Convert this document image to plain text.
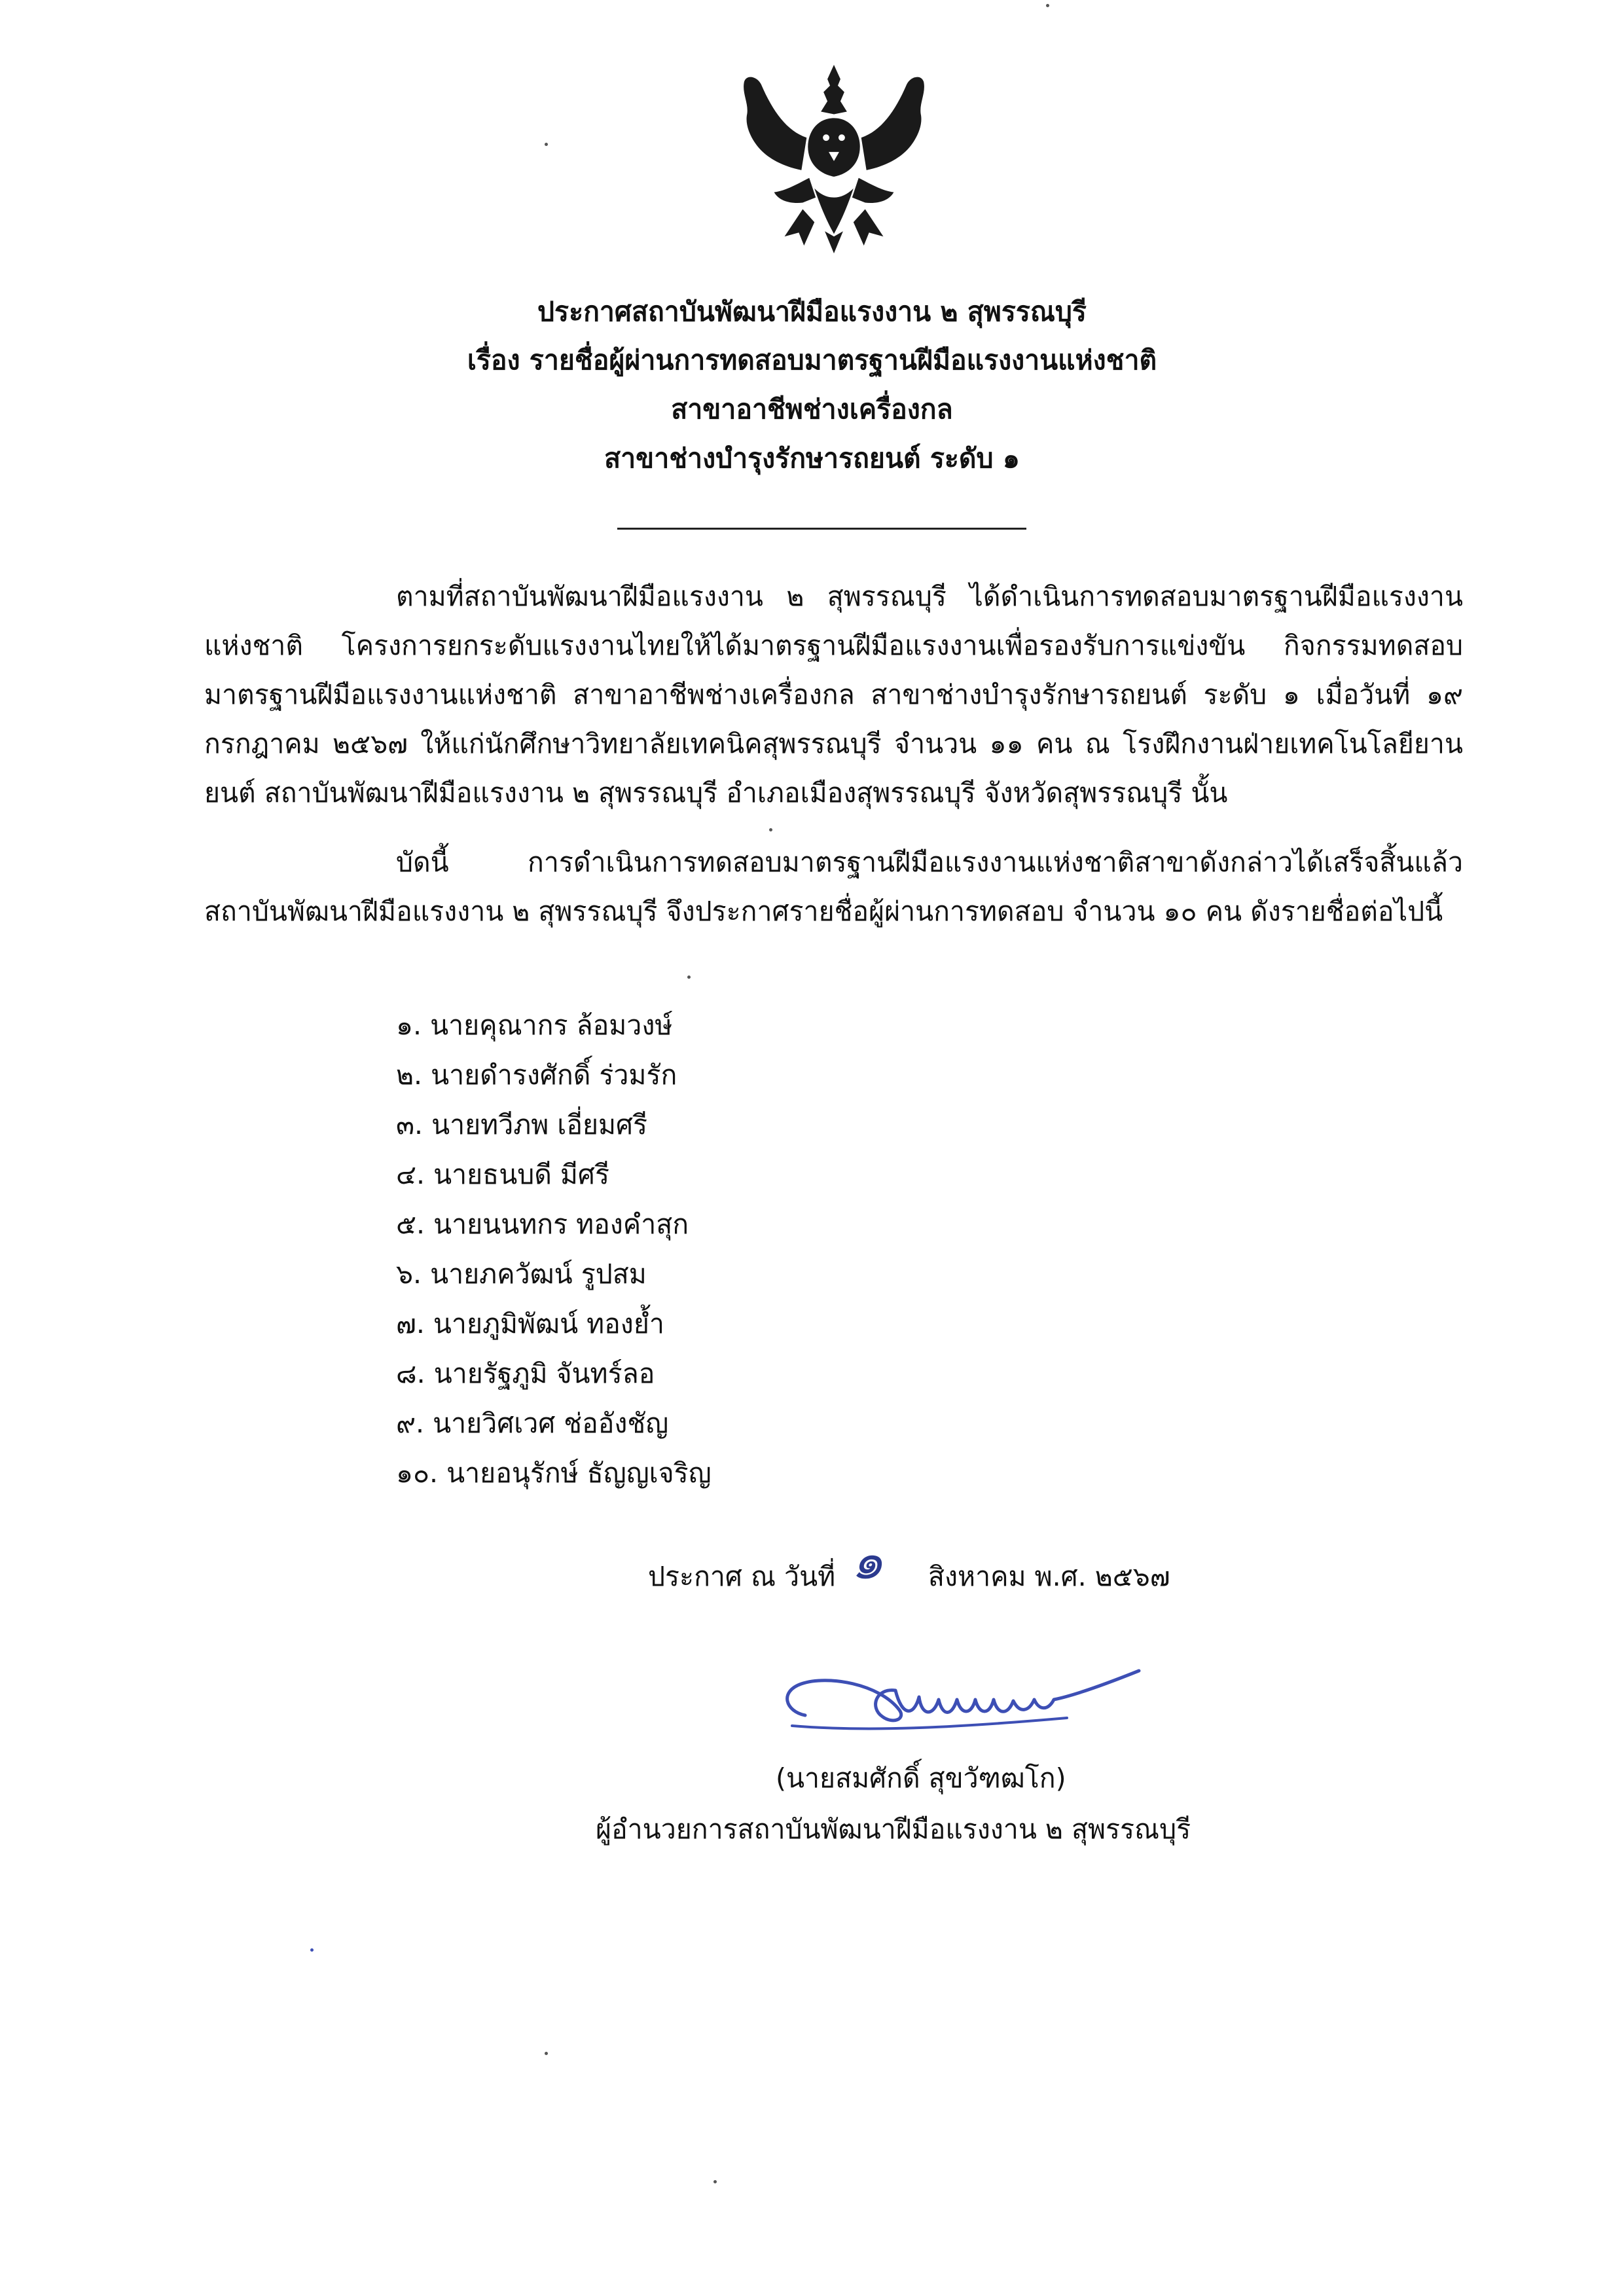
ประกาศสถาบันพัฒนาฝีมือแรงงาน ๒ สุพรรณบุรี
เรื่อง รายชื่อผู้ผ่านการทดสอบมาตรฐานฝีมือแรงงานแห่งชาติ
สาขาอาชีพช่างเครื่องกล
สาขาช่างบำรุงรักษารถยนต์ ระดับ ๑
ตามที่สถาบันพัฒนาฝีมือแรงงาน ๒ สุพรรณบุรี ได้ดำเนินการทดสอบมาตรฐานฝีมือแรงงานแห่งชาติ โครงการยกระดับแรงงานไทยให้ได้มาตรฐานฝีมือแรงงานเพื่อรองรับการแข่งขัน กิจกรรมทดสอบมาตรฐานฝีมือแรงงานแห่งชาติ สาขาอาชีพช่างเครื่องกล สาขาช่างบำรุงรักษารถยนต์ ระดับ ๑ เมื่อวันที่ ๑๙ กรกฎาคม ๒๕๖๗ ให้แก่นักศึกษาวิทยาลัยเทคนิคสุพรรณบุรี จำนวน ๑๑ คน ณ โรงฝึกงานฝ่ายเทคโนโลยียานยนต์ สถาบันพัฒนาฝีมือแรงงาน ๒ สุพรรณบุรี อำเภอเมืองสุพรรณบุรี จังหวัดสุพรรณบุรี นั้น
บัดนี้ การดำเนินการทดสอบมาตรฐานฝีมือแรงงานแห่งชาติสาขาดังกล่าวได้เสร็จสิ้นแล้ว สถาบันพัฒนาฝีมือแรงงาน ๒ สุพรรณบุรี จึงประกาศรายชื่อผู้ผ่านการทดสอบ จำนวน ๑๐ คน ดังรายชื่อต่อไปนี้
๑. นายคุณากร ล้อมวงษ์
๒. นายดำรงศักดิ์ ร่วมรัก
๓. นายทวีภพ เอี่ยมศรี
๔. นายธนบดี มีศรี
๕. นายนนทกร ทองคำสุก
๖. นายภควัฒน์ รูปสม
๗. นายภูมิพัฒน์ ทองย้ำ
๘. นายรัฐภูมิ จันทร์ลอ
๙. นายวิศเวศ ช่ออังชัญ
๑๐. นายอนุรักษ์ ธัญญเจริญ
ประกาศ ณ วันที่ ๑ สิงหาคม พ.ศ. ๒๕๖๗
(นายสมศักดิ์ สุขวัฑฒโก)
ผู้อำนวยการสถาบันพัฒนาฝีมือแรงงาน ๒ สุพรรณบุรี
